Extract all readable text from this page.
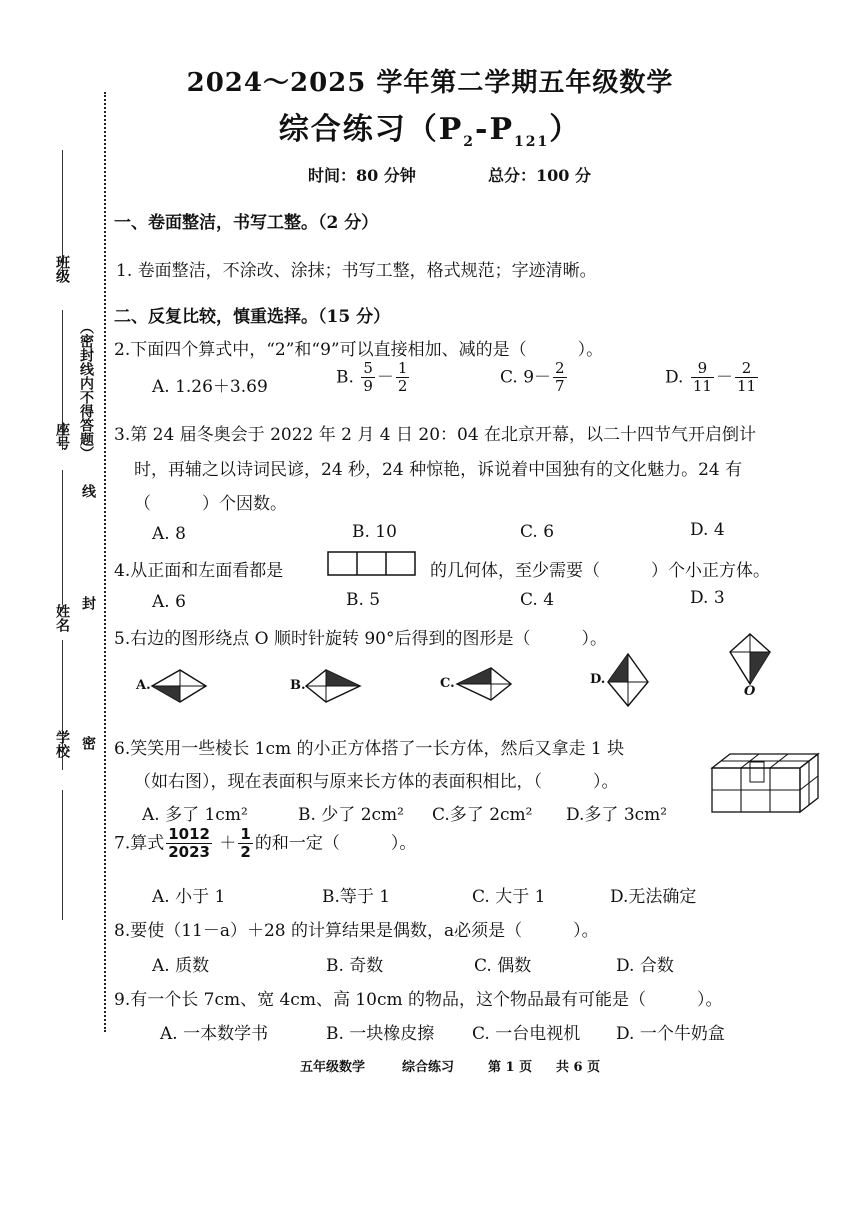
班级
座号
姓名
学校
（密封线内不得答题）
线
封
密
2024～2025 学年第二学期五年级数学
综合练习$(P_2-P_{121})$
时间：80 分钟	总分：100 分
一、卷面整洁，书写工整。（2 分）
1. 卷面整洁，不涂改、涂抹；书写工整，格式规范；字迹清晰。
二、反复比较，慎重选择。（15 分）
2.下面四个算式中，“2”和“9”可以直接相加、减的是（　　　）。
A. 1.26＋3.69	B. $\frac{5}{9} - \frac{1}{2}$	C. $9- \frac{2}{7}$	D. $\frac{9}{11} - \frac{2}{11}$
3.第 24 届冬奥会于 2022 年 2 月 4 日 20：04 在北京开幕，以二十四节气开启倒计
时，再辅之以诗词民谚，24 秒，24 种惊艳，诉说着中国独有的文化魅力。24 有
（　　　）个因数。
A. 8	B. 10	C. 6	D. 4
4.从正面和左面看都是	的几何体，至少需要（　　　）个小正方体。
A. 6	B. 5	C. 4	D. 3
5.右边的图形绕点 O 顺时针旋转 90°后得到的图形是（　　　）。
A.	B.	C.	D.
O
6.笑笑用一些棱长 1cm 的小正方体搭了一长方体，然后又拿走 1 块
（如右图），现在表面积与原来长方体的表面积相比，（　　　）。
A. 多了 1cm²	B. 少了 2cm² C.多了 2cm² D.多了 3cm²
7.算式 $\frac{1012}{2023} + \frac{1}{2}$ 的和一定（　　　）。
A. 小于 1	B.等于 1	C. 大于 1	D.无法确定
8.要使（11－a）＋28 的计算结果是偶数，a必须是（　　　）。
A. 质数	B. 奇数	C. 偶数	D. 合数
9.有一个长 7cm、宽 4cm、高 10cm 的物品，这个物品最有可能是（　　　）。
A. 一本数学书	B. 一块橡皮擦 C. 一台电视机 D. 一个牛奶盒
五年级数学	综合练习	第 1 页 共 6 页
